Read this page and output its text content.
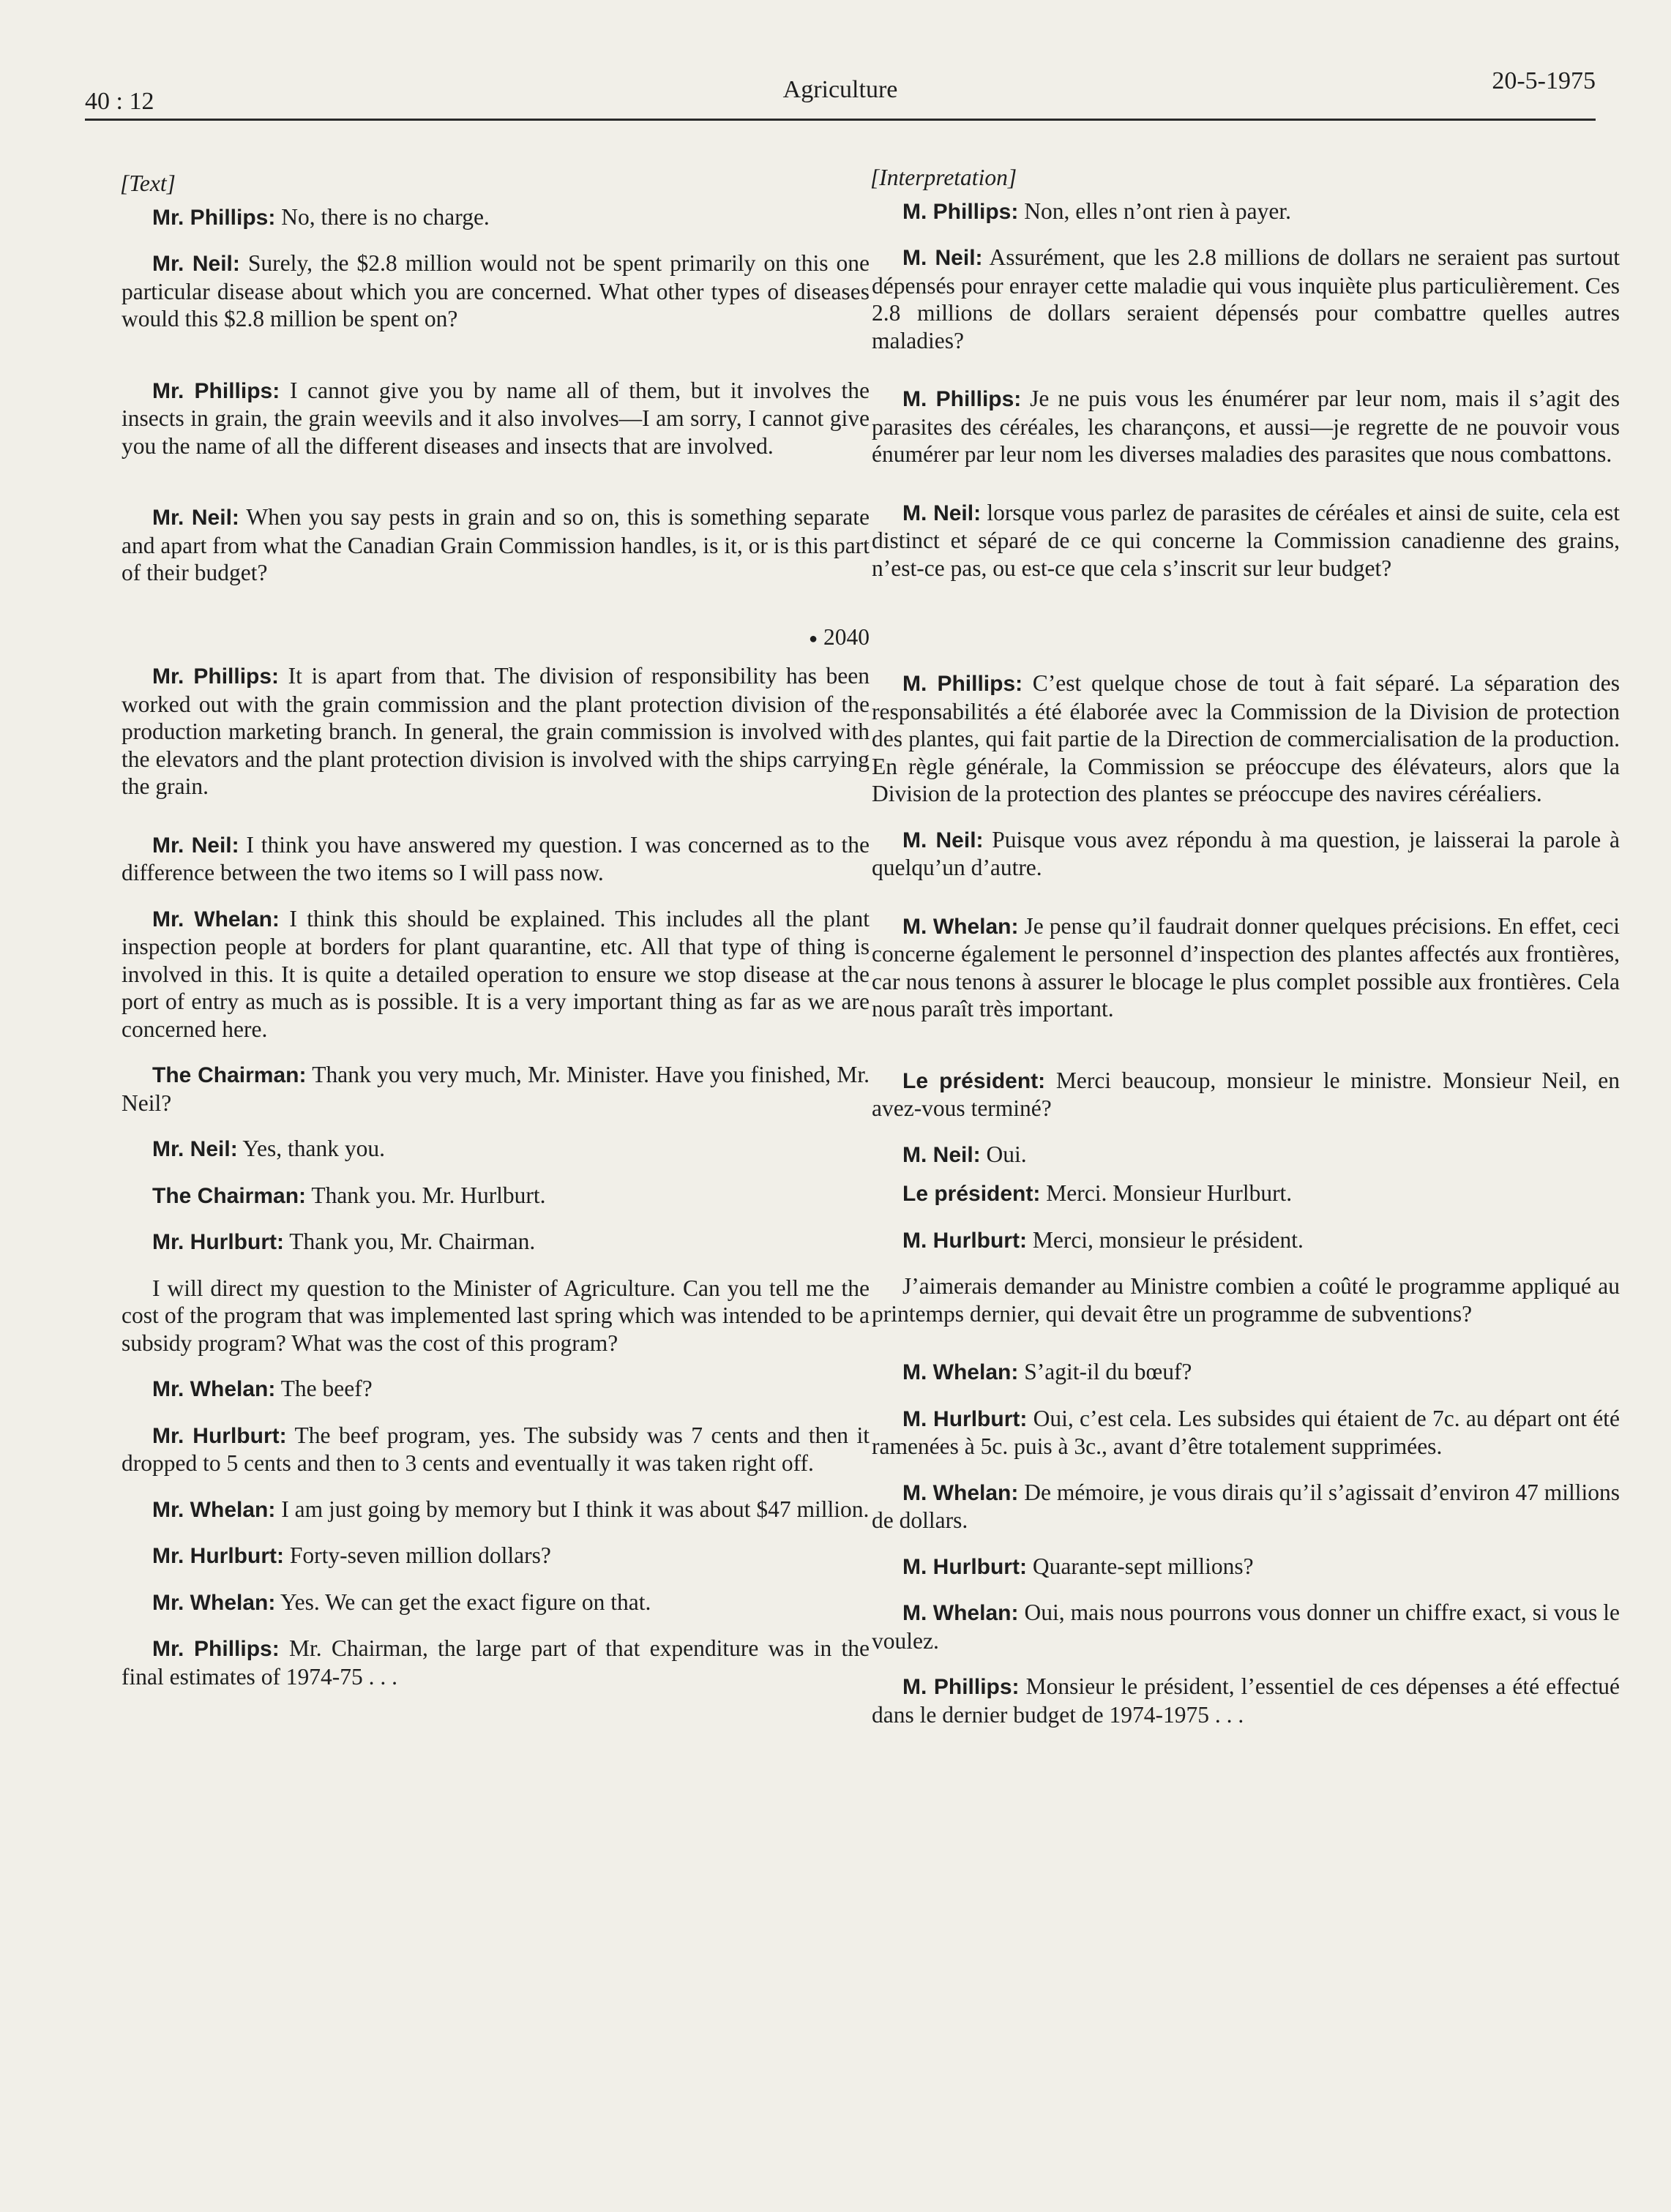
40 : 12	Agriculture	20-5-1975
[Text]

Mr. Phillips: No, there is no charge.

Mr. Neil: Surely, the $2.8 million would not be spent primarily on this one particular disease about which you are concerned. What other types of diseases would this $2.8 million be spent on?

Mr. Phillips: I cannot give you by name all of them, but it involves the insects in grain, the grain weevils and it also involves—I am sorry, I cannot give you the name of all the different diseases and insects that are involved.

Mr. Neil: When you say pests in grain and so on, this is something separate and apart from what the Canadian Grain Commission handles, is it, or is this part of their budget?

● 2040

Mr. Phillips: It is apart from that. The division of responsibility has been worked out with the grain commission and the plant protection division of the production marketing branch. In general, the grain commission is involved with the elevators and the plant protection division is involved with the ships carrying the grain.

Mr. Neil: I think you have answered my question. I was concerned as to the difference between the two items so I will pass now.

Mr. Whelan: I think this should be explained. This includes all the plant inspection people at borders for plant quarantine, etc. All that type of thing is involved in this. It is quite a detailed operation to ensure we stop disease at the port of entry as much as is possible. It is a very important thing as far as we are concerned here.

The Chairman: Thank you very much, Mr. Minister. Have you finished, Mr. Neil?

Mr. Neil: Yes, thank you.

The Chairman: Thank you. Mr. Hurlburt.

Mr. Hurlburt: Thank you, Mr. Chairman.

I will direct my question to the Minister of Agriculture. Can you tell me the cost of the program that was implemented last spring which was intended to be a subsidy program? What was the cost of this program?

Mr. Whelan: The beef?

Mr. Hurlburt: The beef program, yes. The subsidy was 7 cents and then it dropped to 5 cents and then to 3 cents and eventually it was taken right off.

Mr. Whelan: I am just going by memory but I think it was about $47 million.

Mr. Hurlburt: Forty-seven million dollars?

Mr. Whelan: Yes. We can get the exact figure on that.

Mr. Phillips: Mr. Chairman, the large part of that expenditure was in the final estimates of 1974-75 . . .

[Interpretation]

M. Phillips: Non, elles n’ont rien à payer.

M. Neil: Assurément, que les 2.8 millions de dollars ne seraient pas surtout dépensés pour enrayer cette maladie qui vous inquiète plus particulièrement. Ces 2.8 millions de dollars seraient dépensés pour combattre quelles autres maladies?

M. Phillips: Je ne puis vous les énumérer par leur nom, mais il s’agit des parasites des céréales, les charançons, et aussi—je regrette de ne pouvoir vous énumérer par leur nom les diverses maladies des parasites que nous combattons.

M. Neil: lorsque vous parlez de parasites de céréales et ainsi de suite, cela est distinct et séparé de ce qui concerne la Commission canadienne des grains, n’est-ce pas, ou est-ce que cela s’inscrit sur leur budget?

M. Phillips: C’est quelque chose de tout à fait séparé. La séparation des responsabilités a été élaborée avec la Commission de la Division de protection des plantes, qui fait partie de la Direction de commercialisation de la production. En règle générale, la Commission se préoccupe des élévateurs, alors que la Division de la protection des plantes se préoccupe des navires céréaliers.

M. Neil: Puisque vous avez répondu à ma question, je laisserai la parole à quelqu’un d’autre.

M. Whelan: Je pense qu’il faudrait donner quelques précisions. En effet, ceci concerne également le personnel d’inspection des plantes affectés aux frontières, car nous tenons à assurer le blocage le plus complet possible aux frontières. Cela nous paraît très important.

Le président: Merci beaucoup, monsieur le ministre. Monsieur Neil, en avez-vous terminé?

M. Neil: Oui.

Le président: Merci. Monsieur Hurlburt.

M. Hurlburt: Merci, monsieur le président.

J’aimerais demander au Ministre combien a coûté le programme appliqué au printemps dernier, qui devait être un programme de subventions?

M. Whelan: S’agit-il du bœuf?

M. Hurlburt: Oui, c’est cela. Les subsides qui étaient de 7c. au départ ont été ramenées à 5c. puis à 3c., avant d’être totalement supprimées.

M. Whelan: De mémoire, je vous dirais qu’il s’agissait d’environ 47 millions de dollars.

M. Hurlburt: Quarante-sept millions?

M. Whelan: Oui, mais nous pourrons vous donner un chiffre exact, si vous le voulez.

M. Phillips: Monsieur le président, l’essentiel de ces dépenses a été effectué dans le dernier budget de 1974-1975 . . .
